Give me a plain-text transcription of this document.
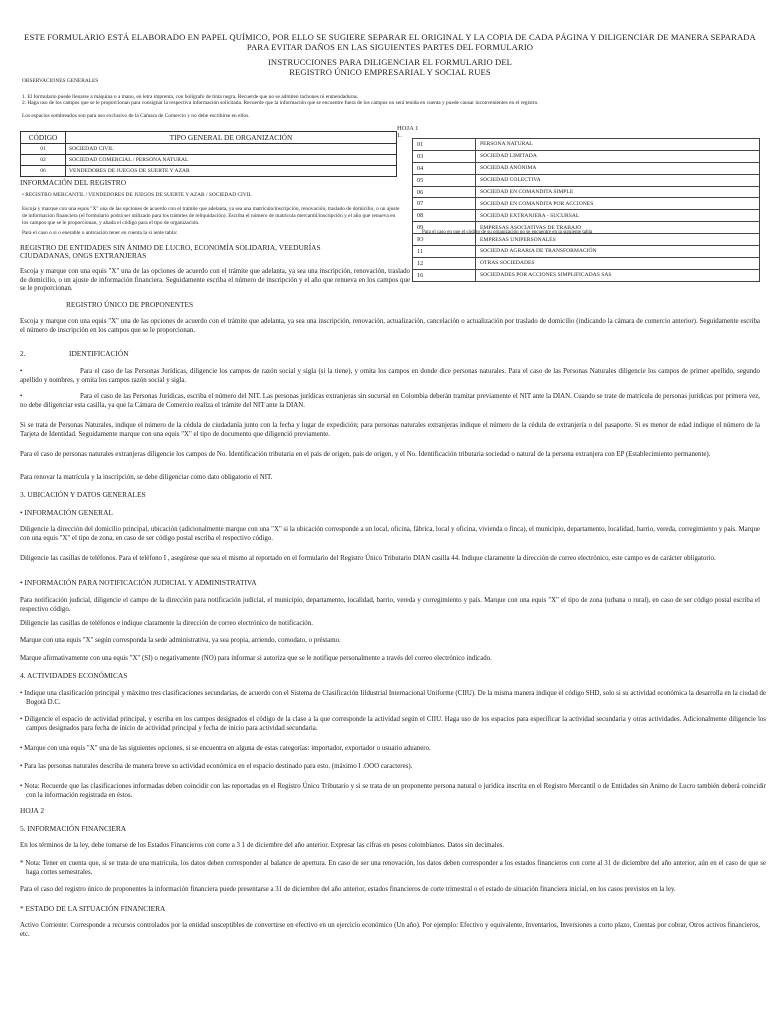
ESTE FORMULARIO ESTÁ ELABORADO EN PAPEL QUÍMICO, POR ELLO SE SUGIERE SEPARAR EL ORIGINAL Y LA COPIA DE CADA PÁGINA Y DILIGENCIAR DE MANERA SEPARADA
PARA EVITAR DAÑOS EN LAS SIGUIENTES PARTES DEL FORMULARIO
INSTRUCCIONES PARA DILIGENCIAR EL FORMULARIO DEL
REGISTRO ÚNICO EMPRESARIAL Y SOCIAL RUES
OBSERVACIONES GENERALES
1. El formulario puede llenarse a máquina o a mano, en letra imprenta, con bolígrafo de tinta negra. Recuerde que no se admiten tachones ni enmendaduras.
2. Haga uso de los campos que se le proporcionan para consignar la respectiva información solicitada. Recuerde que la información que se encuentre fuera de los campos no será tenida en cuenta y puede causar inconvenientes en el registro.
Los espacios sombreados son para uso exclusivo de la Cámara de Comercio y no debe escribirse en ellos.
HOJA 1
1.
CÓDIGO	TIPO GENERAL DE ORGANIZACIÓN
01	SOCIEDAD CIVIL
02	SOCIEDAD COMERCIAL / PERSONA NATURAL
06	VENDEDORES DE JUEGOS DE SUERTE Y AZAR
01	PERSONA NATURAL
03	SOCIEDAD LIMITADA
04	SOCIEDAD ANÓNIMA
05	SOCIEDAD COLECTIVA
06	SOCIEDAD EN COMANDITA SIMPLE
07	SOCIEDAD EN COMANDITA POR ACCIONES
08	SOCIEDAD EXTRANJERA - SUCURSAL
09	EMPRESAS ASOCIATIVAS DE TRABAJO
IO	EMPRESAS UNIPERSONALES
11	SOCIEDAD AGRARIA DE TRANSFORMACIÓN
12	OTRAS SOCIEDADES
16	SOCIEDADES POR ACCIONES SIMPLIFICADAS SAS
Para el caso en que el código de su organización no se encuentre en la siguiente tabla
INFORMACIÓN DEL REGISTRO
• REGISTRO MERCANTIL / VENDEDORES DE JUEGOS DE SUERTE Y AZAR / SOCIEDAD CIVIL
Escoja y marque con una equis "X" una de las opciones de acuerdo con el trámite que adelanta, ya sea una matrícula/inscripción, renovación, traslado de domicilio, o un ajuste de información financiera (el formulario podrá ser utilizado para los trámites de reliquidación). Escriba el número de matrícula mercantil/inscripción y el año que renueva en los campos que se le proporcionan, y añada el código para el tipo de organización.
Para el caso o si o enerable o anticación tener en cuenta la si iente tabla:
REGISTRO DE ENTIDADES SIN ÁNIMO DE LUCRO, ECONOMÍA SOLIDARIA, VEEDURÍAS
CIUDADANAS, ONGS EXTRANJERAS
Escoja y marque con una equis "X" una de las opciones de acuerdo con el trámite que adelanta, ya sea una inscripción, renovación, traslado de domicilio, o un ajuste de información financiera. Seguidamente escriba el número de inscripción y el año que renueva en los campos que se le proporcionan.
REGISTRO ÚNICO DE PROPONENTES
Escoja y marque con una equis "X" una de las opciones de acuerdo con el trámite que adelanta, ya sea una inscripción, renovación, actualización, cancelación o actualización por traslado de domicilio (indicando la cámara de comercio anterior). Seguidamente escriba el número de inscripción en los campos que se le proporcionan.
2.	IDENTIFICACIÓN
•	Para el caso de las Personas Jurídicas, diligencie los campos de razón social y sigla (si la tiene), y omita los campos en donde dice personas naturales. Para el caso de las Personas Naturales diligencie los campos de primer apellido, segundo apellido y nombres, y omita los campos razón social y sigla.
•	Para el caso de las Personas Jurídicas, escriba el número del NIT. Las personas jurídicas extranjeras sin sucursal en Colombia deberán tramitar previamente el NIT ante la DIAN. Cuando se trate de matrícula de personas jurídicas por primera vez, no debe diligenciar esta casilla, ya que la Cámara de Comercio realiza el trámite del NIT ante la DIAN.
Si se trata de Personas Naturales, indique el número de la cédula de ciudadanía junto con la fecha y lugar de expedición; para personas naturales extranjeras indique el número de la cédula de extranjería o del pasaporte. Si es menor de edad indique el número de la Tarjeta de Identidad. Seguidamente marque con una equis "X" el tipo de documento que diligenció previamente.
Para el caso de personas naturales extranjeras diligencie los campos de No. Identificación tributaria en el país de origen, país de origen, y el No. Identificación tributaria sociedad o natural de la persona extranjera con EP (Establecimiento permanente).
Para renovar la matrícula y la inscripción, se debe diligenciar como dato obligatorio el NIT.
3. UBICACIÓN Y DATOS GENERALES
• INFORMACIÓN GENERAL
Diligencie la dirección del domicilio principal, ubicación (adicionalmente marque con una "X" si la ubicación corresponde a un local, oficina, fábrica, local y oficina, vivienda o finca), el municipio, departamento, localidad, barrio, vereda, corregimiento y país. Marque con una equis "X" el tipo de zona, en caso de ser código postal escriba el respectivo código.
Diligencie las casillas de teléfonos. Para el teléfono I , asegúrese que sea el mismo al reportado en el formulario del Registro Único Tributario DIAN casilla 44. Indique claramente la dirección de correo electrónico, este campo es de carácter obligatorio.
• INFORMACIÓN PARA NOTIFICACIÓN JUDICIAL Y ADMINISTRATIVA
Para notificación judicial, diligencie el campo de la dirección para notificación judicial, el municipio, departamento, localidad, barrio, vereda y corregimiento y país. Marque con una equis "X" el tipo de zona (urbana o rural), en caso de ser código postal escriba el respectivo código.
Diligencie las casillas de teléfonos e indique claramente la dirección de correo electrónico de notificación.
Marque con una equis "X" según corresponda la sede administrativa, ya sea propia, arriendo, comodato, o préstamo.
Marque afirmativamente con una equis "X" (SI) o negativamente (NO) para informar si autoriza que se le notifique personalmente a través del correo electrónico indicado.
4. ACTIVIDADES ECONÓMICAS
• Indique una clasificación principal y máximo tres clasificaciones secundarias, de acuerdo con el Sistema de Clasificación Iildustrial Internacional Uniforme (CIIU). De la misma manera indique el código SHD, solo si su actividad económica la desarrolla en la ciudad de Bogotá D.C.
• Diligencie el espacio de actividad principal, y escriba en los campos designados el código de la clase a la que corresponde la actividad según el CIIU. Haga uso de los espacios para especificar la actividad secundaria y otras actividades. Adicionalmente diligencie los campos designados para fecha de inicio de actividad principal y fecha de inicio para actividad secundaria.
• Marque con una equis "X" una de las siguientes opciones, si se encuentra en alguna de estas categorías: importador, exportador o usuario aduanero.
• Para las personas naturales describa de manera breve su actividad económica en el espacio destinado para esto. (máximo I .OOO caracteres).
• Nota: Recuerde que las clasificaciones informadas deben coincidir con las reportadas en el Registro Único Tributario y si se trata de un proponente persona natural o jurídica inscrita en el Registro Mercantil o de Entidades sin Animo de Lucro también deberá coincidir con la información registrada en éstos.
HOJA 2
5. INFORMACIÓN FINANCIERA
En los términos de la ley, debe tomarse de los Estados Financieros con corte a 3 1 de diciembre del año anterior. Expresar las cifras en pesos colombianos. Datos sin decimales.
* Nota: Tener en cuenta que, si se trata de una matrícula, los datos deben corresponder al balance de apertura. En caso de ser una renovación, los datos deben corresponder a los estados financieros con corte al 31 de diciembre del año anterior, aún en el caso de que se haga cortes semestrales.
Para el caso del registro único de proponentes la información financiera puede presentarse a 31 de diciembre del año anterior, estados financieros de corte trimestral o el estado de situación financiera inicial, en los casos previstos en la ley.
* ESTADO DE LA SITUACIÓN FINANCIERA
Activo Corriente: Corresponde a recursos controlados por la entidad susceptibles de convertirse en efectivo en un ejercicio económico (Un año). Por ejemplo: Efectivo y equivalente, Inventarios, Inversiones a corto plazo, Cuentas por cobrar, Otros activos financieros, etc.
